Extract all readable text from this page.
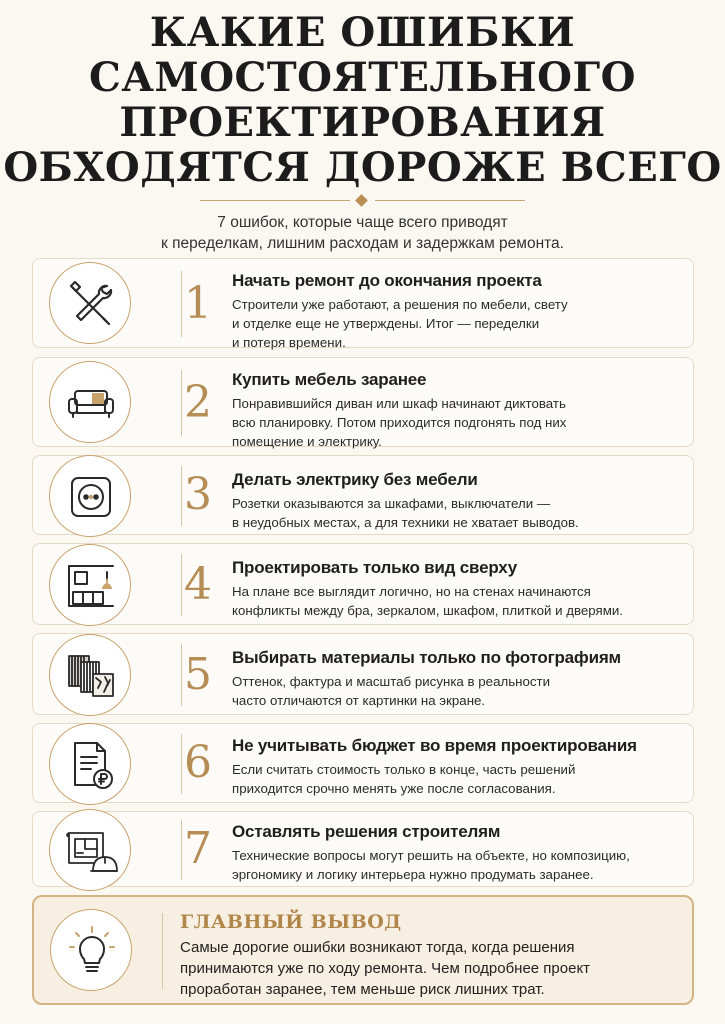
КАКИЕ ОШИБКИ
САМОСТОЯТЕЛЬНОГО
ПРОЕКТИРОВАНИЯ
ОБХОДЯТСЯ ДОРОЖЕ ВСЕГО
7 ошибок, которые чаще всего приводят
к переделкам, лишним расходам и задержкам ремонта.
1	Начать ремонт до окончания проекта
Строители уже работают, а решения по мебели, свету
и отделке еще не утверждены. Итог — переделки
и потеря времени.
2	Купить мебель заранее
Понравившийся диван или шкаф начинают диктовать
всю планировку. Потом приходится подгонять под них
помещение и электрику.
3	Делать электрику без мебели
Розетки оказываются за шкафами, выключатели —
в неудобных местах, а для техники не хватает выводов.
4	Проектировать только вид сверху
На плане все выглядит логично, но на стенах начинаются
конфликты между бра, зеркалом, шкафом, плиткой и дверями.
5	Выбирать материалы только по фотографиям
Оттенок, фактура и масштаб рисунка в реальности
часто отличаются от картинки на экране.
6	Не учитывать бюджет во время проектирования
Если считать стоимость только в конце, часть решений
приходится срочно менять уже после согласования.
7	Оставлять решения строителям
Технические вопросы могут решить на объекте, но композицию,
эргономику и логику интерьера нужно продумать заранее.
ГЛАВНЫЙ ВЫВОД
Самые дорогие ошибки возникают тогда, когда решения
принимаются уже по ходу ремонта. Чем подробнее проект
проработан заранее, тем меньше риск лишних трат.
